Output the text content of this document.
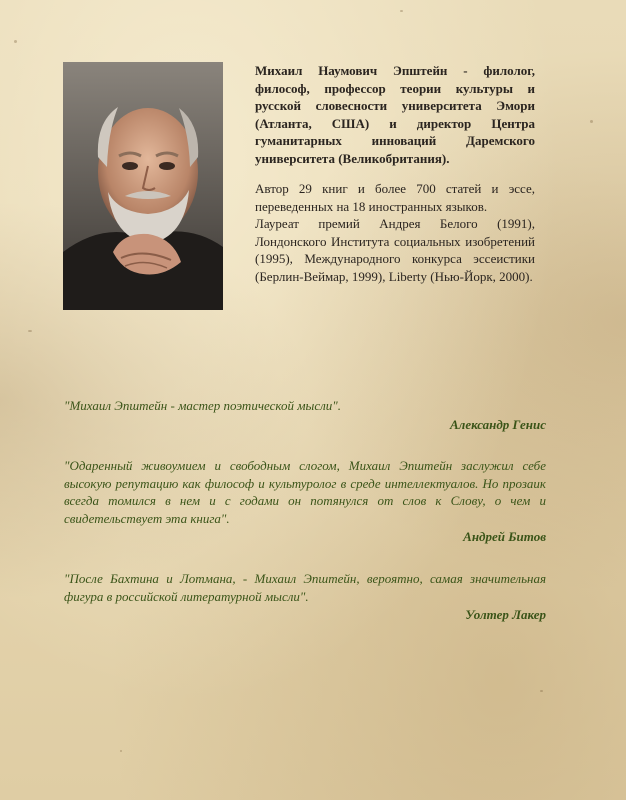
Михаил Наумович Эпштейн - филолог, философ, профессор теории культуры и русской словесности университета Эмори (Атланта, США) и директор Центра гуманитарных инноваций Даремского университета (Великобритания).

Автор 29 книг и более 700 статей и эссе, переведенных на 18 иностранных языков.

Лауреат премий Андрея Белого (1991), Лондонского Института социальных изобретений (1995), Международного конкурса эссеистики (Берлин-Веймар, 1999), Liberty (Нью-Йорк, 2000).

"Михаил Эпштейн - мастер поэтической мысли".

Александр Генис

"Одаренный живоумием и свободным слогом, Михаил Эпштейн заслужил себе высокую репутацию как философ и культуролог в среде интеллектуалов. Но прозаик всегда томился в нем и с годами он потянулся от слов к Слову, о чем и свидетельствует эта книга".

Андрей Битов

"После Бахтина и Лотмана, - Михаил Эпштейн, вероятно, самая значительная фигура в российской литературной мысли".

Уолтер Лакер
